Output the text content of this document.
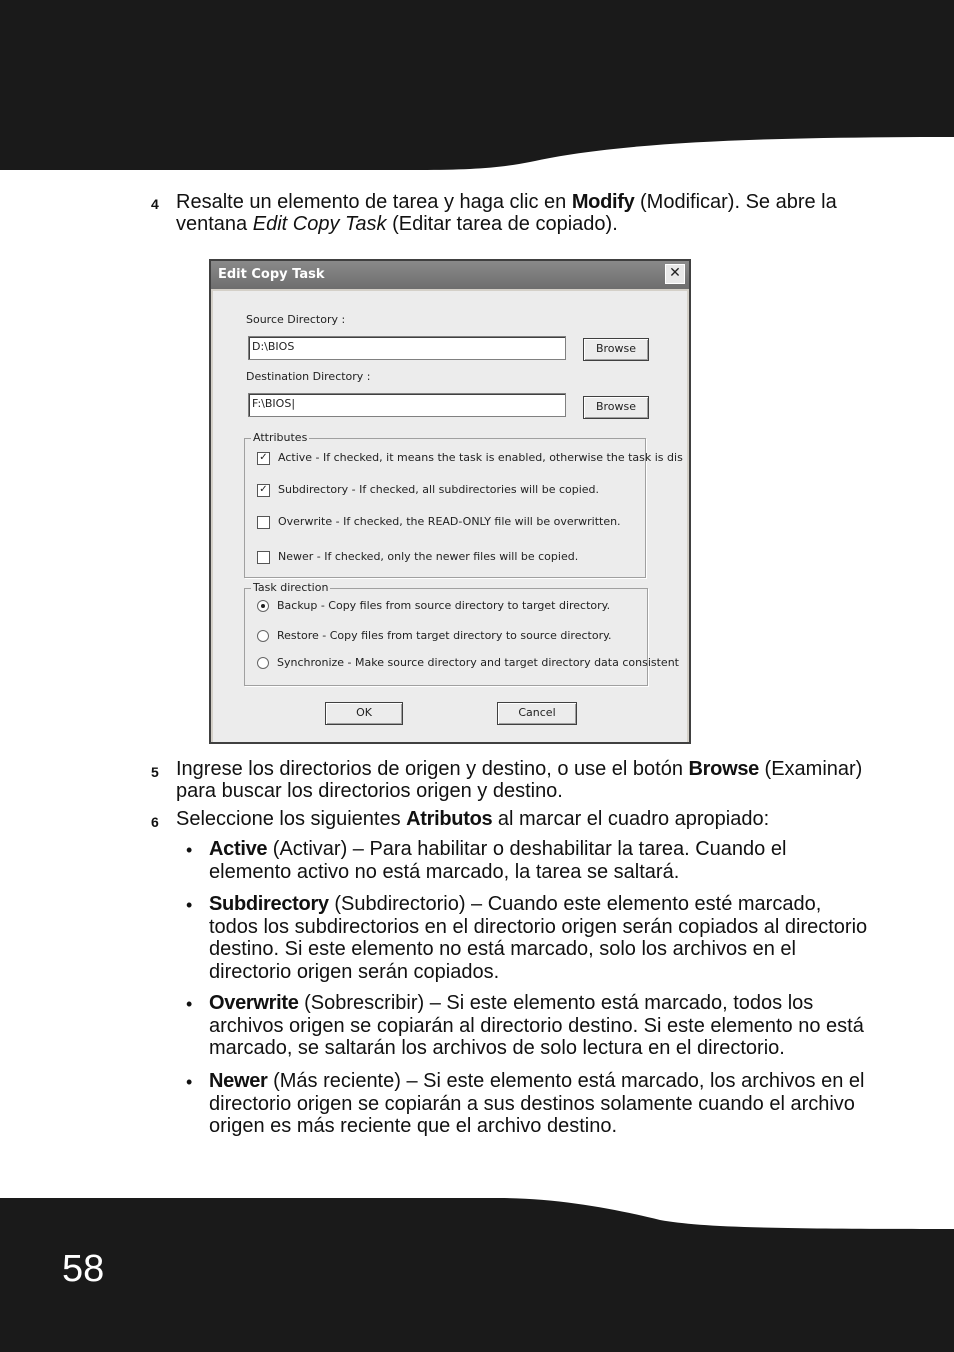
58
4 Resalte un elemento de tarea y haga clic en Modify (Modificar). Se abre la ventana Edit Copy Task (Editar tarea de copiado).
Edit Copy Task	✕
Source Directory :
D:\BIOS	Browse
Destination Directory :
F:\BIOS|	Browse
Attributes
✓ Active - If checked, it means the task is enabled, otherwise the task is dis
✓ Subdirectory - If checked, all subdirectories will be copied.
Overwrite - If checked, the READ-ONLY file will be overwritten.
Newer - If checked, only the newer files will be copied.
Task direction
Backup - Copy files from source directory to target directory.
Restore - Copy files from target directory to source directory.
Synchronize - Make source directory and target directory data consistent
OK	Cancel
5 Ingrese los directorios de origen y destino, o use el botón Browse (Examinar) para buscar los directorios origen y destino.
6 Seleccione los siguientes Atributos al marcar el cuadro apropiado:
• Active (Activar) – Para habilitar o deshabilitar la tarea. Cuando el elemento activo no está marcado, la tarea se saltará.
• Subdirectory (Subdirectorio) – Cuando este elemento esté marcado, todos los subdirectorios en el directorio origen serán copiados al directorio destino. Si este elemento no está marcado, solo los archivos en el directorio origen serán copiados.
• Overwrite (Sobrescribir) – Si este elemento está marcado, todos los archivos origen se copiarán al directorio destino. Si este elemento no está marcado, se saltarán los archivos de solo lectura en el directorio.
• Newer (Más reciente) – Si este elemento está marcado, los archivos en el directorio origen se copiarán a sus destinos solamente cuando el archivo origen es más reciente que el archivo destino.
